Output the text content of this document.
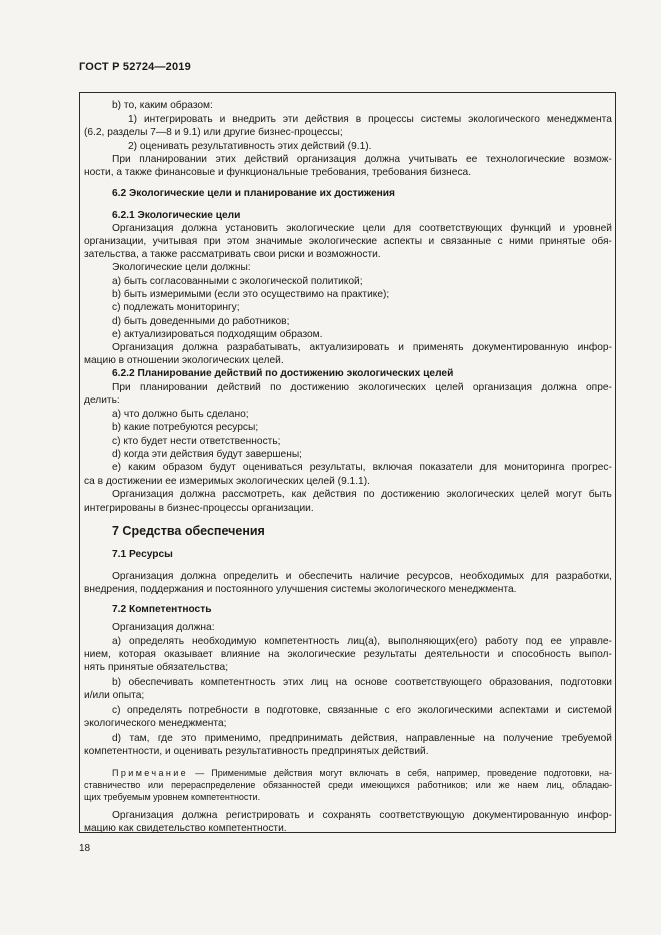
ГОСТ Р 52724—2019
b) то, каким образом:
1) интегрировать и внедрить эти действия в процессы системы экологического менеджмента
(6.2, разделы 7—8 и 9.1) или другие бизнес-процессы;
2) оценивать результативность этих действий (9.1).
При планировании этих действий организация должна учитывать ее технологические возмож-
ности, а также финансовые и функциональные требования, требования бизнеса.
6.2 Экологические цели и планирование их достижения
6.2.1 Экологические цели
Организация должна установить экологические цели для соответствующих функций и уровней
организации, учитывая при этом значимые экологические аспекты и связанные с ними принятые обя-
зательства, а также рассматривать свои риски и возможности.
Экологические цели должны:
a) быть согласованными с экологической политикой;
b) быть измеримыми (если это осуществимо на практике);
c) подлежать мониторингу;
d) быть доведенными до работников;
e) актуализироваться подходящим образом.
Организация должна разрабатывать, актуализировать и применять документированную инфор-
мацию в отношении экологических целей.
6.2.2 Планирование действий по достижению экологических целей
При планировании действий по достижению экологических целей организация должна опре-
делить:
a) что должно быть сделано;
b) какие потребуются ресурсы;
c) кто будет нести ответственность;
d) когда эти действия будут завершены;
e) каким образом будут оцениваться результаты, включая показатели для мониторинга прогрес-
са в достижении ее измеримых экологических целей (9.1.1).
Организация должна рассмотреть, как действия по достижению экологических целей могут быть
интегрированы в бизнес-процессы организации.
7 Средства обеспечения
7.1 Ресурсы
Организация должна определить и обеспечить наличие ресурсов, необходимых для разработки,
внедрения, поддержания и постоянного улучшения системы экологического менеджмента.
7.2 Компетентность
Организация должна:
a) определять необходимую компетентность лиц(а), выполняющих(его) работу под ее управле-
нием, которая оказывает влияние на экологические результаты деятельности и способность выпол-
нять принятые обязательства;
b) обеспечивать компетентность этих лиц на основе соответствующего образования, подготовки
и/или опыта;
c) определять потребности в подготовке, связанные с его экологическими аспектами и системой
экологического менеджмента;
d) там, где это применимо, предпринимать действия, направленные на получение требуемой
компетентности, и оценивать результативность предпринятых действий.
Примечание — Применимые действия могут включать в себя, например, проведение подготовки, на-
ставничество или перераспределение обязанностей среди имеющихся работников; или же наем лиц, обладаю-
щих требуемым уровнем компетентности.
Организация должна регистрировать и сохранять соответствующую документированную инфор-
мацию как свидетельство компетентности.
18
